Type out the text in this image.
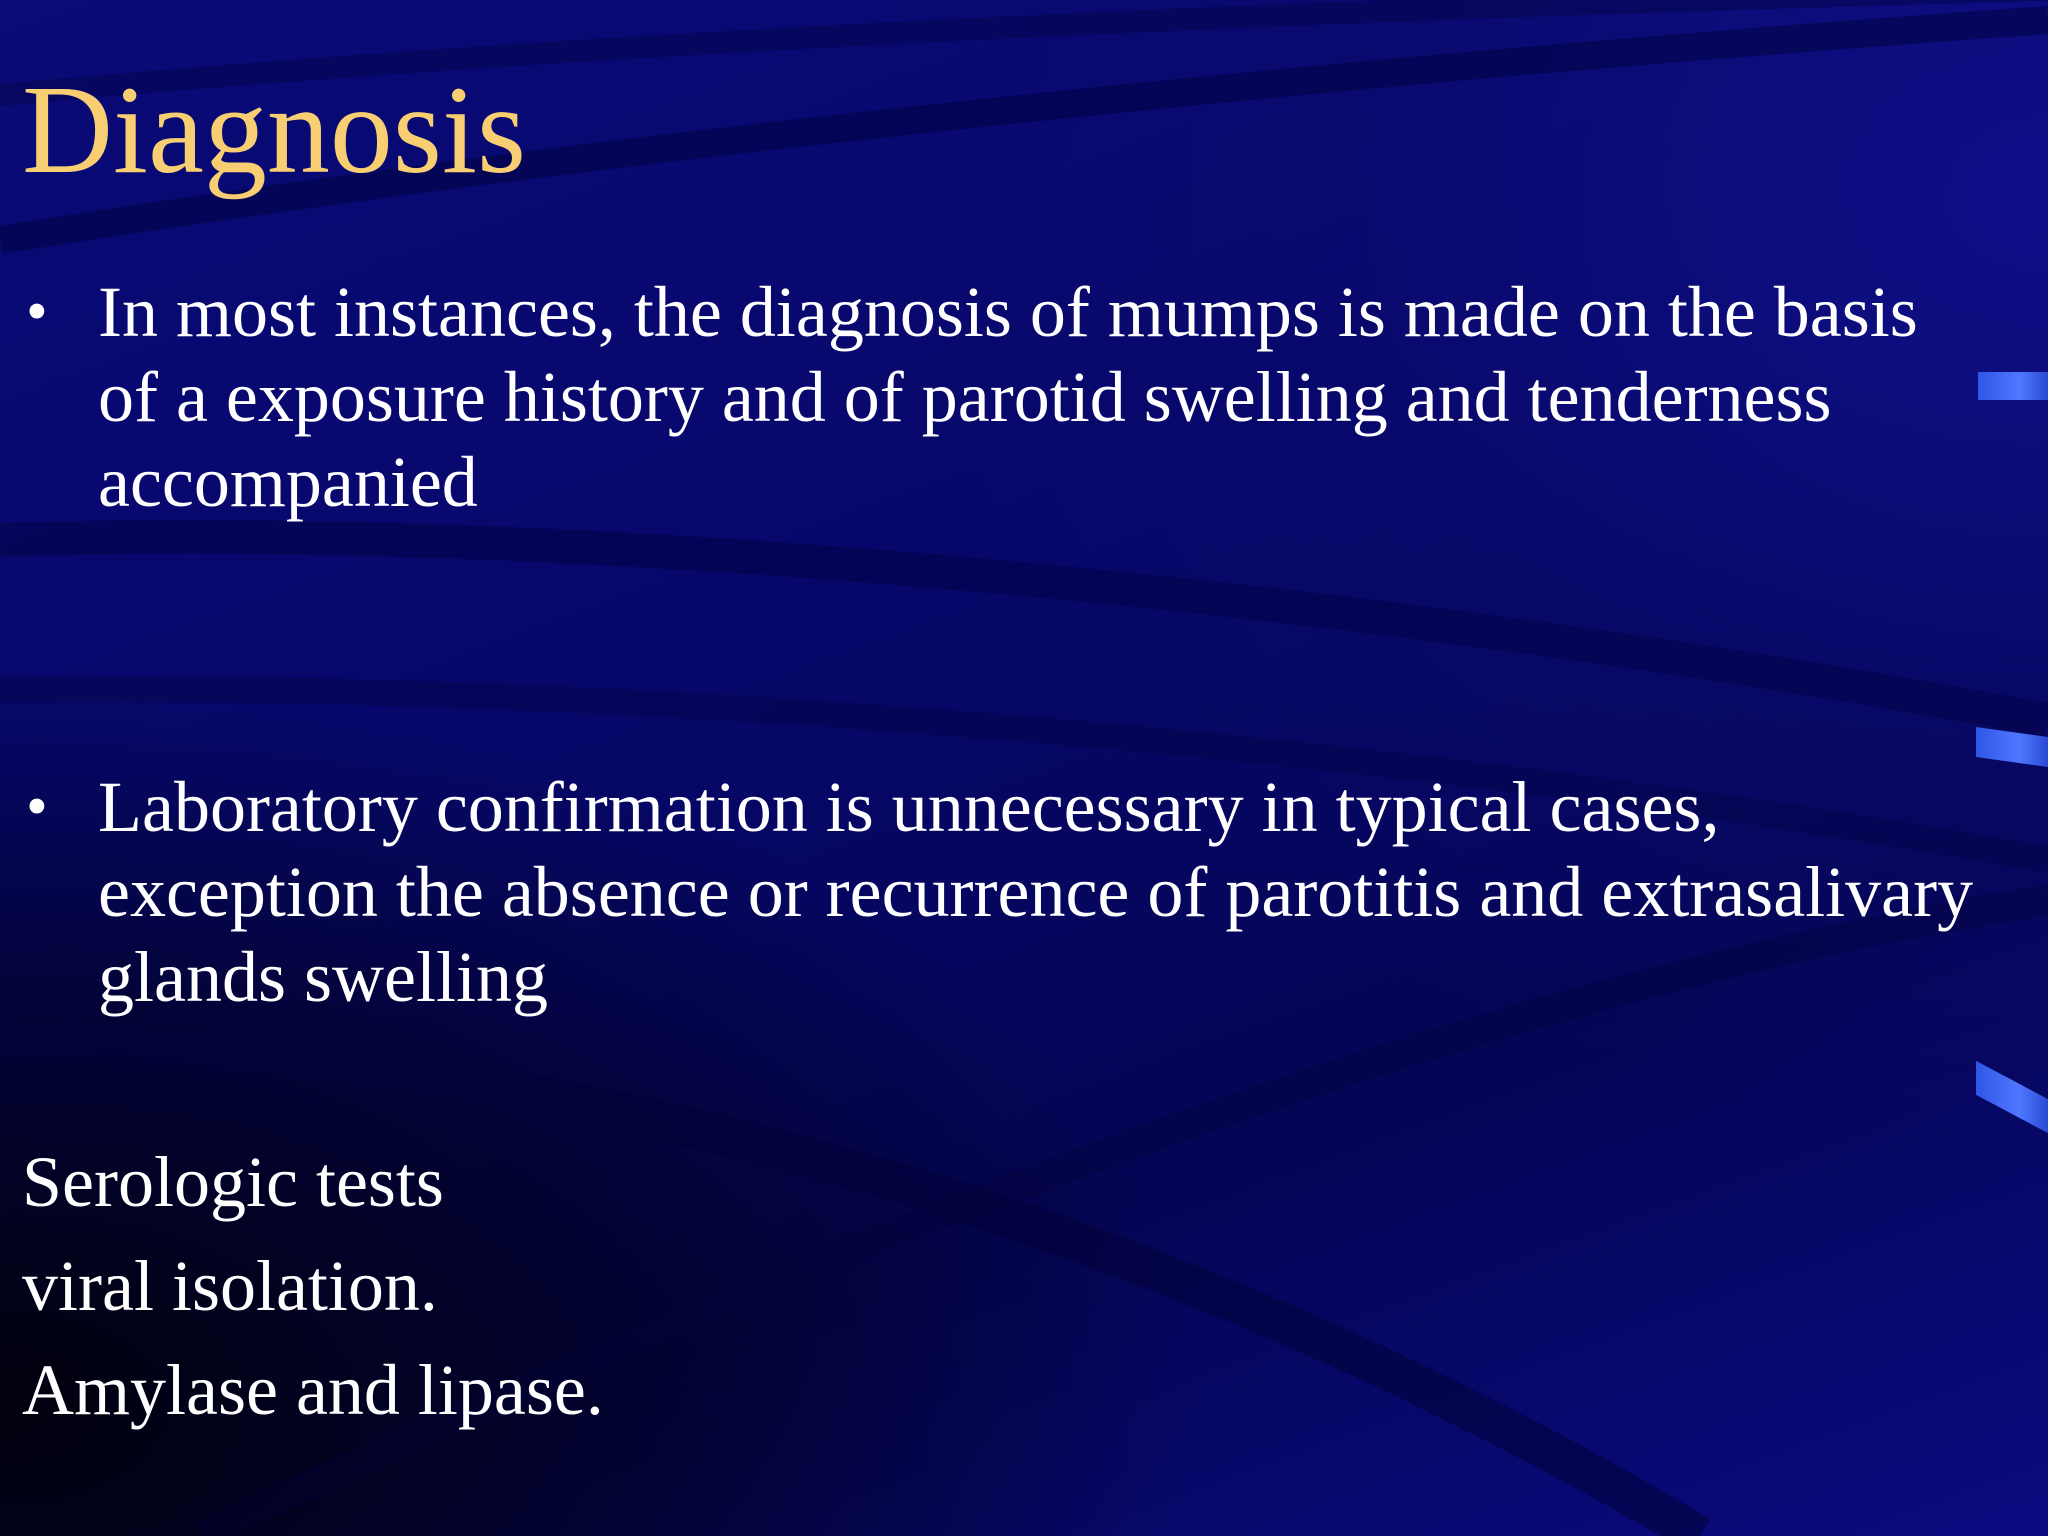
Diagnosis
• In most instances, the diagnosis of mumps is made on the basis of a exposure history and of parotid swelling and tenderness accompanied
• Laboratory confirmation is unnecessary in typical cases, exception the absence or recurrence of parotitis and extrasalivary glands swelling
Serologic tests
viral isolation.
Amylase and lipase.
